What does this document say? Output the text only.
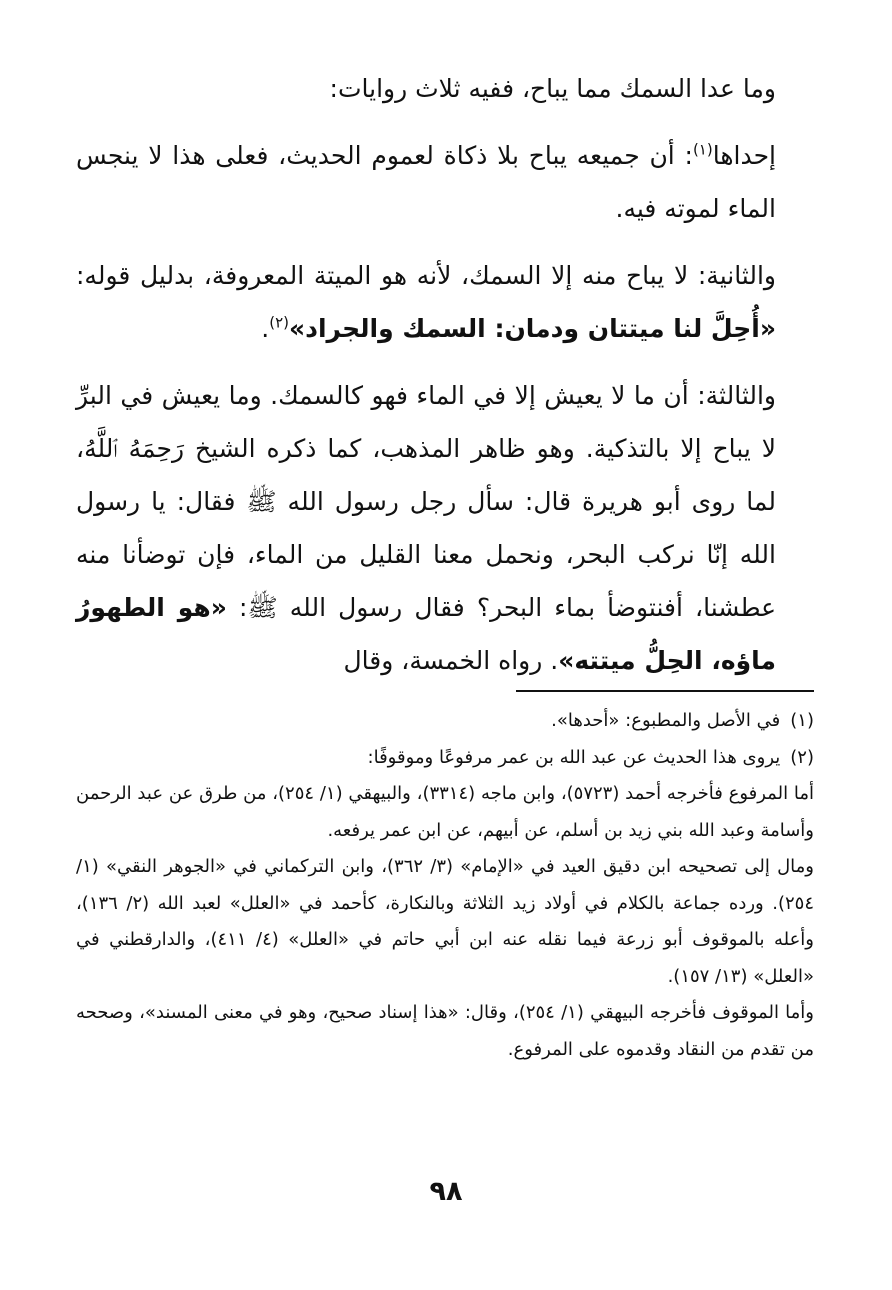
وما عدا السمك مما يباح، ففيه ثلاث روايات:

إحداها$^{(١)}$: أن جميعه يباح بلا ذكاة لعموم الحديث، فعلى هذا لا ينجس الماء لموته فيه.

والثانية: لا يباح منه إلا السمك، لأنه هو الميتة المعروفة، بدليل قوله: «أُحِلَّ لنا ميتتان ودمان: السمك والجراد»$^{(٢)}$.

والثالثة: أن ما لا يعيش إلا في الماء فهو كالسمك. وما يعيش في البرِّ لا يباح إلا بالتذكية. وهو ظاهر المذهب، كما ذكره الشيخ رَحِمَهُ ٱللَّهُ، لما روى أبو هريرة قال: سأل رجل رسول الله ﷺ فقال: يا رسول الله إنّا نركب البحر، ونحمل معنا القليل من الماء، فإن توضأنا منه عطشنا، أفنتوضأ بماء البحر؟ فقال رسول الله ﷺ: «هو الطهورُ ماؤه، الحِلُّ ميتته». رواه الخمسة، وقال

(١)
في الأصل والمطبوع: «أحدها».
(٢)
يروى هذا الحديث عن عبد الله بن عمر مرفوعًا وموقوفًا:

أما المرفوع فأخرجه أحمد (٥٧٢٣)، وابن ماجه (٣٣١٤)، والبيهقي (١/ ٢٥٤)، من طرق عن عبد الرحمن وأسامة وعبد الله بني زيد بن أسلم، عن أبيهم، عن ابن عمر يرفعه.

ومال إلى تصحيحه ابن دقيق العيد في «الإمام» (٣/ ٣٦٢)، وابن التركماني في «الجوهر النقي» (١/ ٢٥٤). ورده جماعة بالكلام في أولاد زيد الثلاثة وبالنكارة، كأحمد في «العلل» لعبد الله (٢/ ١٣٦)، وأعله بالموقوف أبو زرعة فيما نقله عنه ابن أبي حاتم في «العلل» (٤/ ٤١١)، والدارقطني في «العلل» (١٣/ ١٥٧).

وأما الموقوف فأخرجه البيهقي (١/ ٢٥٤)، وقال: «هذا إسناد صحيح، وهو في معنى المسند»، وصححه من تقدم من النقاد وقدموه على المرفوع.

٩٨
